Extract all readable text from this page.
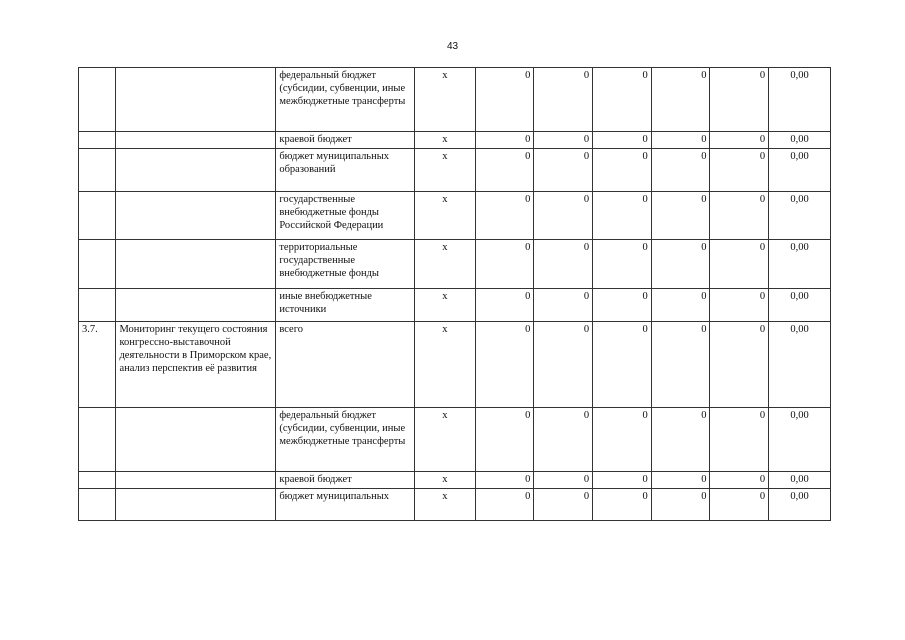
43
		федеральный бюджет (субсидии, субвенции, иные межбюджетные трансферты	х	0	0	0	0	0	0,00
		краевой бюджет	х	0	0	0	0	0	0,00
		бюджет муниципальных образований	х	0	0	0	0	0	0,00
		государственные внебюджетные фонды Российской Федерации	х	0	0	0	0	0	0,00
		территориальные государственные внебюджетные фонды	х	0	0	0	0	0	0,00
		иные внебюджетные источники	х	0	0	0	0	0	0,00
3.7.	Мониторинг текущего состояния конгрессно-выставочной деятельности в Приморском крае, анализ перспектив её развития	всего	х	0	0	0	0	0	0,00
		федеральный бюджет (субсидии, субвенции, иные межбюджетные трансферты	х	0	0	0	0	0	0,00
		краевой бюджет	х	0	0	0	0	0	0,00
		бюджет муниципальных	х	0	0	0	0	0	0,00
